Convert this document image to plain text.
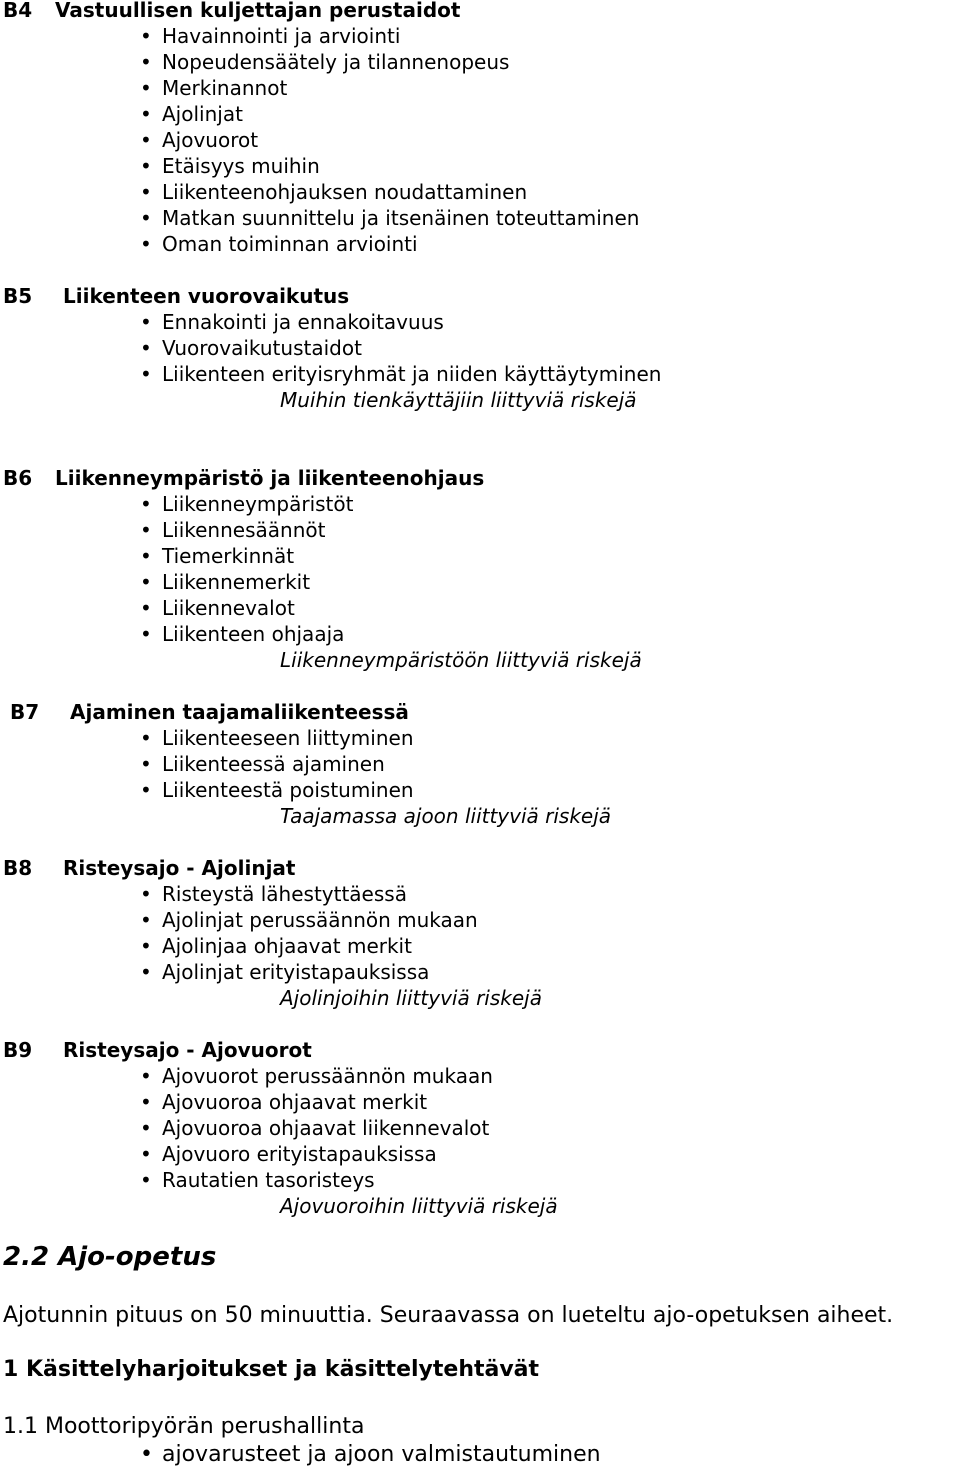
B4 Vastuullisen kuljettajan perustaidot
• Havainnointi ja arviointi
• Nopeudensäätely ja tilannenopeus
• Merkinannot
• Ajolinjat
• Ajovuorot
• Etäisyys muihin
• Liikenteenohjauksen noudattaminen
• Matkan suunnittelu ja itsenäinen toteuttaminen
• Oman toiminnan arviointi
B5 Liikenteen vuorovaikutus
• Ennakointi ja ennakoitavuus
• Vuorovaikutustaidot
• Liikenteen erityisryhmät ja niiden käyttäytyminen
Muihin tienkäyttäjiin liittyviä riskejä
B6 Liikenneympäristö ja liikenteenohjaus
• Liikenneympäristöt
• Liikennesäännöt
• Tiemerkinnät
• Liikennemerkit
• Liikennevalot
• Liikenteen ohjaaja
Liikenneympäristöön liittyviä riskejä
B7 Ajaminen taajamaliikenteessä
• Liikenteeseen liittyminen
• Liikenteessä ajaminen
• Liikenteestä poistuminen
Taajamassa ajoon liittyviä riskejä
B8 Risteysajo - Ajolinjat
• Risteystä lähestyttäessä
• Ajolinjat perussäännön mukaan
• Ajolinjaa ohjaavat merkit
• Ajolinjat erityistapauksissa
Ajolinjoihin liittyviä riskejä
B9 Risteysajo - Ajovuorot
• Ajovuorot perussäännön mukaan
• Ajovuoroa ohjaavat merkit
• Ajovuoroa ohjaavat liikennevalot
• Ajovuoro erityistapauksissa
• Rautatien tasoristeys
Ajovuoroihin liittyviä riskejä
2.2 Ajo-opetus
Ajotunnin pituus on 50 minuuttia. Seuraavassa on lueteltu ajo-opetuksen aiheet.
1 Käsittelyharjoitukset ja käsittelytehtävät
1.1 Moottoripyörän perushallinta
• ajovarusteet ja ajoon valmistautuminen
